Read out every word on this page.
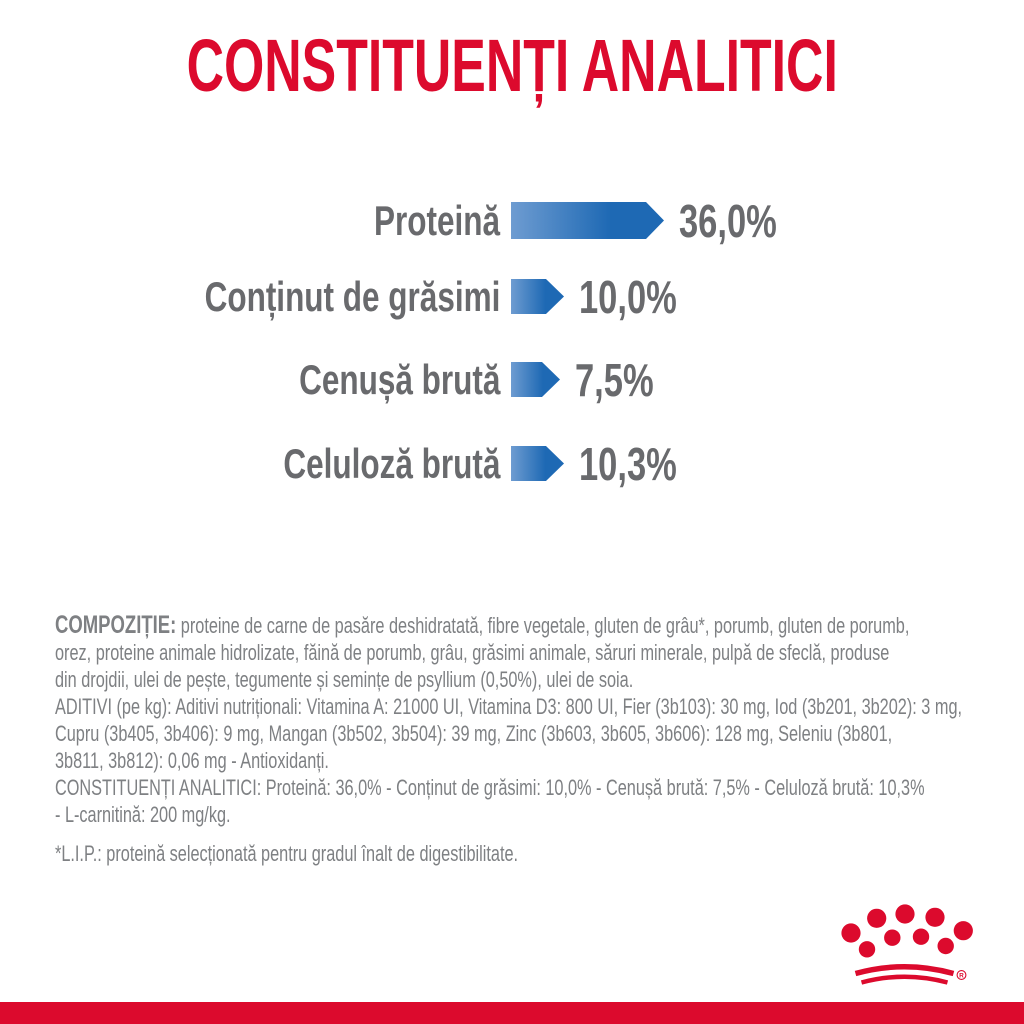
CONSTITUENȚI ANALITICI
Proteină	36,0%
Conținut de grăsimi 10,0%
Cenușă brută 7,5%
Celuloză brută 10,3%
COMPOZIȚIE: proteine de carne de pasăre deshidratată, fibre vegetale, gluten de grâu*, porumb, gluten de porumb,
orez, proteine animale hidrolizate, făină de porumb, grâu, grăsimi animale, săruri minerale, pulpă de sfeclă, produse
din drojdii, ulei de pește, tegumente și semințe de psyllium (0,50%), ulei de soia.
ADITIVI (pe kg): Aditivi nutriționali: Vitamina A: 21000 UI, Vitamina D3: 800 UI, Fier (3b103): 30 mg, Iod (3b201, 3b202): 3 mg,
Cupru (3b405, 3b406): 9 mg, Mangan (3b502, 3b504): 39 mg, Zinc (3b603, 3b605, 3b606): 128 mg, Seleniu (3b801,
3b811, 3b812): 0,06 mg - Antioxidanți.
CONSTITUENȚI ANALITICI: Proteină: 36,0% - Conținut de grăsimi: 10,0% - Cenușă brută: 7,5% - Celuloză brută: 10,3%
- L-carnitină: 200 mg/kg.
*L.I.P.: proteină selecționată pentru gradul înalt de digestibilitate.
R
